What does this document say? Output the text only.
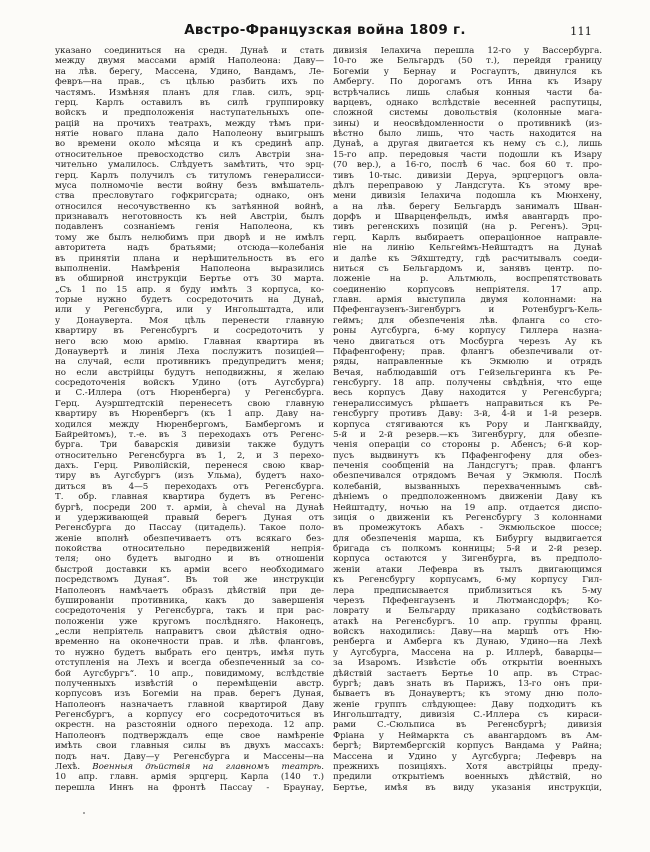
Австро-Французская война 1809 г.	111
указано соединиться на средн. Дунаѣ и стать
между двумя массами армій Наполеона: Даву—
на лѣв. берегу, Массена, Удино, Вандамъ, Ле-
февръ—на прав., съ цѣлью разбить ихъ по
частямъ. Измѣняя планъ для глав. силъ, эрц-
герц. Карлъ оставилъ въ силѣ группировку
войскъ и предположенія наступательныхъ опе-
рацій на прочихъ театрахъ, между тѣмъ при-
нятіе новаго плана дало Наполеону выигрышъ
во времени около мѣсяца и къ срединѣ апр.
относительное превосходство силъ Австріи зна-
чительно умалилось. Слѣдуетъ замѣтить, что эрц-
герц. Карлъ получилъ съ титуломъ генералисси-
муса полномочіе вести войну безъ вмѣшатель-
ства пресловутаго гофкригсрата; однако, онъ
относился несочувственно къ затѣянной войнѣ,
признавалъ неготовность къ ней Австріи, былъ
подавленъ сознаніемъ генія Наполеона, къ
тому же былъ нелюбимъ при дворѣ и не имѣлъ
авторитета надъ братьями; отсюда—колебанія
въ принятіи плана и нерѣшительность въ его
выполненіи. Намѣренія Наполеона выразились
въ обширной инструкціи Бертье отъ 30 марта.
„Съ 1 по 15 апр. я буду имѣть 3 корпуса, ко-
торые нужно будетъ сосредоточить на Дунаѣ,
или у Регенсбурга, или у Ингольштадта, или
у Донауверта. Моя цѣль перенести главную
квартиру въ Регенсбургъ и сосредоточить у
него всю мою армію. Главная квартира въ
Донаувертѣ и линія Леха послужитъ позиціей—
на случай, если противникъ предупредитъ меня;
но если австрійцы будутъ неподвижны, я желаю
сосредоточенія войскъ Удино (отъ Аугсбурга)
и С.-Иллера (отъ Нюренберга) у Регенсбурга.
Герц. Ауэрштедтскій перенесетъ свою главную
квартиру въ Нюренбергъ (къ 1 апр. Даву на-
ходился между Нюренбергомъ, Бамбергомъ и
Байрейтомъ), т.-е. въ 3 переходахъ отъ Регенс-
бурга. Три баварскія дивизіи также будутъ
относительно Регенсбурга въ 1, 2, и 3 перехо-
дахъ. Герц. Риволійскій, перенеся свою квар-
тиру въ Аугсбургъ (изъ Ульма), будетъ нахо-
диться въ 4—5 переходахъ отъ Регенсбурга.
Т. обр. главная квартира будетъ въ Регенс-
бургѣ, посреди 200 т. арміи, à cheval на Дунаѣ
и удерживающей правый берегъ Дуная отъ
Регенсбурга до Пассау (цитадель). Такое поло-
женіе вполнѣ обезпечиваетъ отъ всякаго без-
покойства относительно передвиженій непрія-
теля; оно будетъ выгодно и въ отношеніи
быстрой доставки къ арміи всего необходимаго
посредствомъ Дуная“. Въ той же инструкціи
Наполеонъ намѣчаетъ образъ дѣйствій при де-
бушированіи противника, какъ до завершенія
сосредоточенія у Регенсбурга, такъ и при рас-
положеніи уже кругомъ послѣдняго. Наконецъ,
„если непріятель направитъ свои дѣйствія одно-
временно на оконечности прав. и лѣв. фланговъ,
то нужно будетъ выбрать его центръ, имѣя путь
отступленія на Лехъ и всегда обезпеченный за со-
бой Аугсбургъ“. 10 апр., повидимому, вслѣдствіе
полученныхъ извѣстій о перемѣщеніи австр.
корпусовъ изъ Богеміи на прав. берегъ Дуная,
Наполеонъ назначаетъ главной квартирой Даву
Регенсбургъ, а корпусу его сосредоточиться въ
окрестн. на разстояніи одного перехода. 12 апр.
Наполеонъ подтверждалъ еще свое намѣреніе
имѣть свои главныя силы въ двухъ массахъ:
подъ нач. Даву—у Регенсбурга и Массены—на
Лехѣ. Военныя дѣйствія на главномъ театрѣ.
10 апр. главн. армія эрцгерц. Карла (140 т.)
перешла Иннъ на фронтѣ Пассау - Браунау,
дивизія Іелахича перешла 12-го у Вассербурга.
10-го же Бельгардъ (50 т.), перейдя границу
Богеміи у Бернау и Росгауптъ, двинулся къ
Амбергу. По дорогамъ отъ Инна къ Изару
встрѣчались лишь слабыя конныя части ба-
варцевъ, однако вслѣдствіе весенней распутицы,
сложной системы довольствія (колонные мага-
зины) и неосвѣдомленности о противникѣ (из-
вѣстно было лишь, что часть находится на
Дунаѣ, а другая двигается къ нему съ с.), лишь
15-го апр. передовыя части подошли къ Изару
(70 вер.), а 16-го, послѣ 6 час. боя 60 т. про-
тивъ 10-тыс. дивизіи Деруа, эрцгерцогъ овла-
дѣлъ переправою у Ландсгута. Къ этому вре-
мени дивизія Іелахича подошла къ Мюнхену,
а на лѣв. берегу Бельгардъ занималъ Шван-
дорфъ и Шварценфельдъ, имѣя авангардъ про-
тивъ регенскихъ позицій (на р. Регенъ). Эрц-
герц. Карлъ выбираетъ операціонное направле-
ніе на линію Кельгеймъ-Нейштадтъ на Дунаѣ
и далѣе къ Эйхштедту, гдѣ расчитывалъ соеди-
ниться съ Бельгардомъ и, занявъ центр. по-
ложеніе на р. Альтмюль, воспрепятствовать
соединенію корпусовъ непріятеля. 17 апр.
главн. армія выступила двумя колоннами: на
Пфефенгаузенъ-Зигенбургъ и Ротенбургъ-Кель-
геймъ; для обезпеченія лѣв. фланга со сто-
роны Аугсбурга, 6-му корпусу Гиллера назна-
чено двигаться отъ Мосбурга черезъ Ау къ
Пфафенгофену; прав. флангъ обезпечивали от-
ряды, направленные къ Экмюлю и отрядъ
Вечая, наблюдавшій отъ Гейзельгеринга къ Ре-
генсбургу. 18 апр. получены свѣдѣнія, что еще
весь корпусъ Даву находится у Регенсбурга;
генералиссимусъ рѣшаетъ направиться къ Ре-
генсбургу противъ Даву: 3-й, 4-й и 1-й резерв.
корпуса стягиваются къ Рору и Лангквайду,
5-й и 2-й резерв.—къ Зигенбургу, для обезпе-
ченія операціи со стороны р. Абенсъ; 6-й кор-
пусъ выдвинутъ къ Пфафенгофену для обез-
печенія сообщеній на Ландсгутъ; прав. флангъ
обезпечивался отрядомъ Вечая у Экмюля. Послѣ
колебаній, вызванныхъ перехваченнымъ свѣ-
дѣніемъ о предположенномъ движеніи Даву къ
Нейштадту, ночью на 19 апр. отдается диспо-
зиція о движеніи къ Регенсбургу 3 колоннами
въ промежутокъ Абахъ - Экмюльское шоссе;
для обезпеченія марша, къ Бибургу выдвигается
бригада съ полкомъ конницы; 5-й и 2-й резер.
корпуса остаются у Зигенбурга, въ предполо-
женіи атаки Лефевра въ тылъ двигающимся
къ Регенсбургу корпусамъ, 6-му корпусу Гил-
лера предписывается приблизиться къ 5-му
черезъ Пфефенгаузенъ и Лютмансдорфъ; Ко-
ловрату и Бельгарду приказано содѣйствовать
атакѣ на Регенсбургъ. 10 апр. группы франц.
войскъ находились: Даву—на маршѣ отъ Ню-
ренберга и Амберга къ Дунаю, Удино—на Лехѣ
у Аугсбурга, Массена на р. Иллерѣ, баварцы—
за Изаромъ. Извѣстіе объ открытіи военныхъ
дѣйствій застаетъ Бертье 10 апр. въ Страс-
бургѣ; давъ знать въ Парижъ, 13-го онъ при-
бываетъ въ Донаувертъ; къ этому дню поло-
женіе группъ слѣдующее: Даву подходитъ къ
Ингольштадту, дивизія С.-Иллера съ кираси-
рами С.-Сюльписа въ Регенсбургѣ; дивизія
Фріана у Неймаркта съ авангардомъ въ Ам-
бергѣ; Виртембергскій корпусъ Вандама у Райна;
Массена и Удино у Аугсбурга; Лефевръ на
прежнихъ позиціяхъ. Хотя австрійцы преду-
предили открытіемъ военныхъ дѣйствій, но
Бертье, имѣя въ виду указанія инструкціи,
